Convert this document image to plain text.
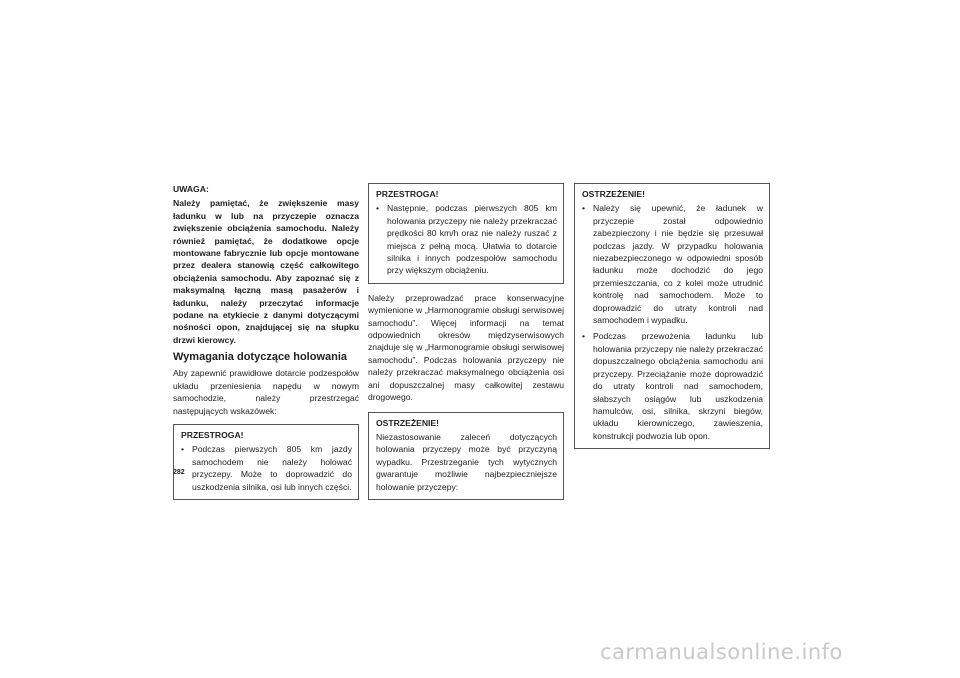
UWAGA:

Należy pamiętać, że zwiększenie masy ładunku w lub na przyczepie oznacza zwiększenie obciążenia samochodu. Należy również pamiętać, że dodatkowe opcje montowane fabrycznie lub opcje montowane przez dealera stanowią część całkowitego obciążenia samochodu. Aby zapoznać się z maksymalną łączną masą pasażerów i ładunku, należy przeczytać informacje podane na etykiecie z danymi dotyczącymi nośności opon, znajdującej się na słupku drzwi kierowcy.

Wymagania dotyczące holowania

Aby zapewnić prawidłowe dotarcie podzespołów układu przeniesienia napędu w nowym samochodzie, należy przestrzegać następujących wskazówek:

PRZESTROGA!

• Podczas pierwszych 805 km jazdy samochodem nie należy holować przyczepy. Może to doprowadzić do uszkodzenia silnika, osi lub innych części.

PRZESTROGA!

• Następnie, podczas pierwszych 805 km holowania przyczepy nie należy przekraczać prędkości 80 km/h oraz nie należy ruszać z miejsca z pełną mocą. Ułatwia to dotarcie silnika i innych podzespołów samochodu przy większym obciążeniu.

Należy przeprowadzać prace konserwacyjne wymienione w „Harmonogramie obsługi serwisowej samochodu”. Więcej informacji na temat odpowiednich okresów międzyserwisowych znajduje się w „Harmonogramie obsługi serwisowej samochodu”. Podczas holowania przyczepy nie należy przekraczać maksymalnego obciążenia osi ani dopuszczalnej masy całkowitej zestawu drogowego.

OSTRZEŻENIE!

Niezastosowanie zaleceń dotyczących holowania przyczepy może być przyczyną wypadku. Przestrzeganie tych wytycznych gwarantuje możliwie najbezpieczniejsze holowanie przyczepy:

OSTRZEŻENIE!

• Należy się upewnić, że ładunek w przyczepie został odpowiednio zabezpieczony i nie będzie się przesuwał podczas jazdy. W przypadku holowania niezabezpieczonego w odpowiedni sposób ładunku może dochodzić do jego przemieszczania, co z kolei może utrudnić kontrolę nad samochodem. Może to doprowadzić do utraty kontroli nad samochodem i wypadku.
• Podczas przewożenia ładunku lub holowania przyczepy nie należy przekraczać dopuszczalnego obciążenia samochodu ani przyczepy. Przeciążanie może doprowadzić do utraty kontroli nad samochodem, słabszych osiągów lub uszkodzenia hamulców, osi, silnika, skrzyni biegów, układu kierowniczego, zawieszenia, konstrukcji podwozia lub opon.
282
carmanualsonline.info
